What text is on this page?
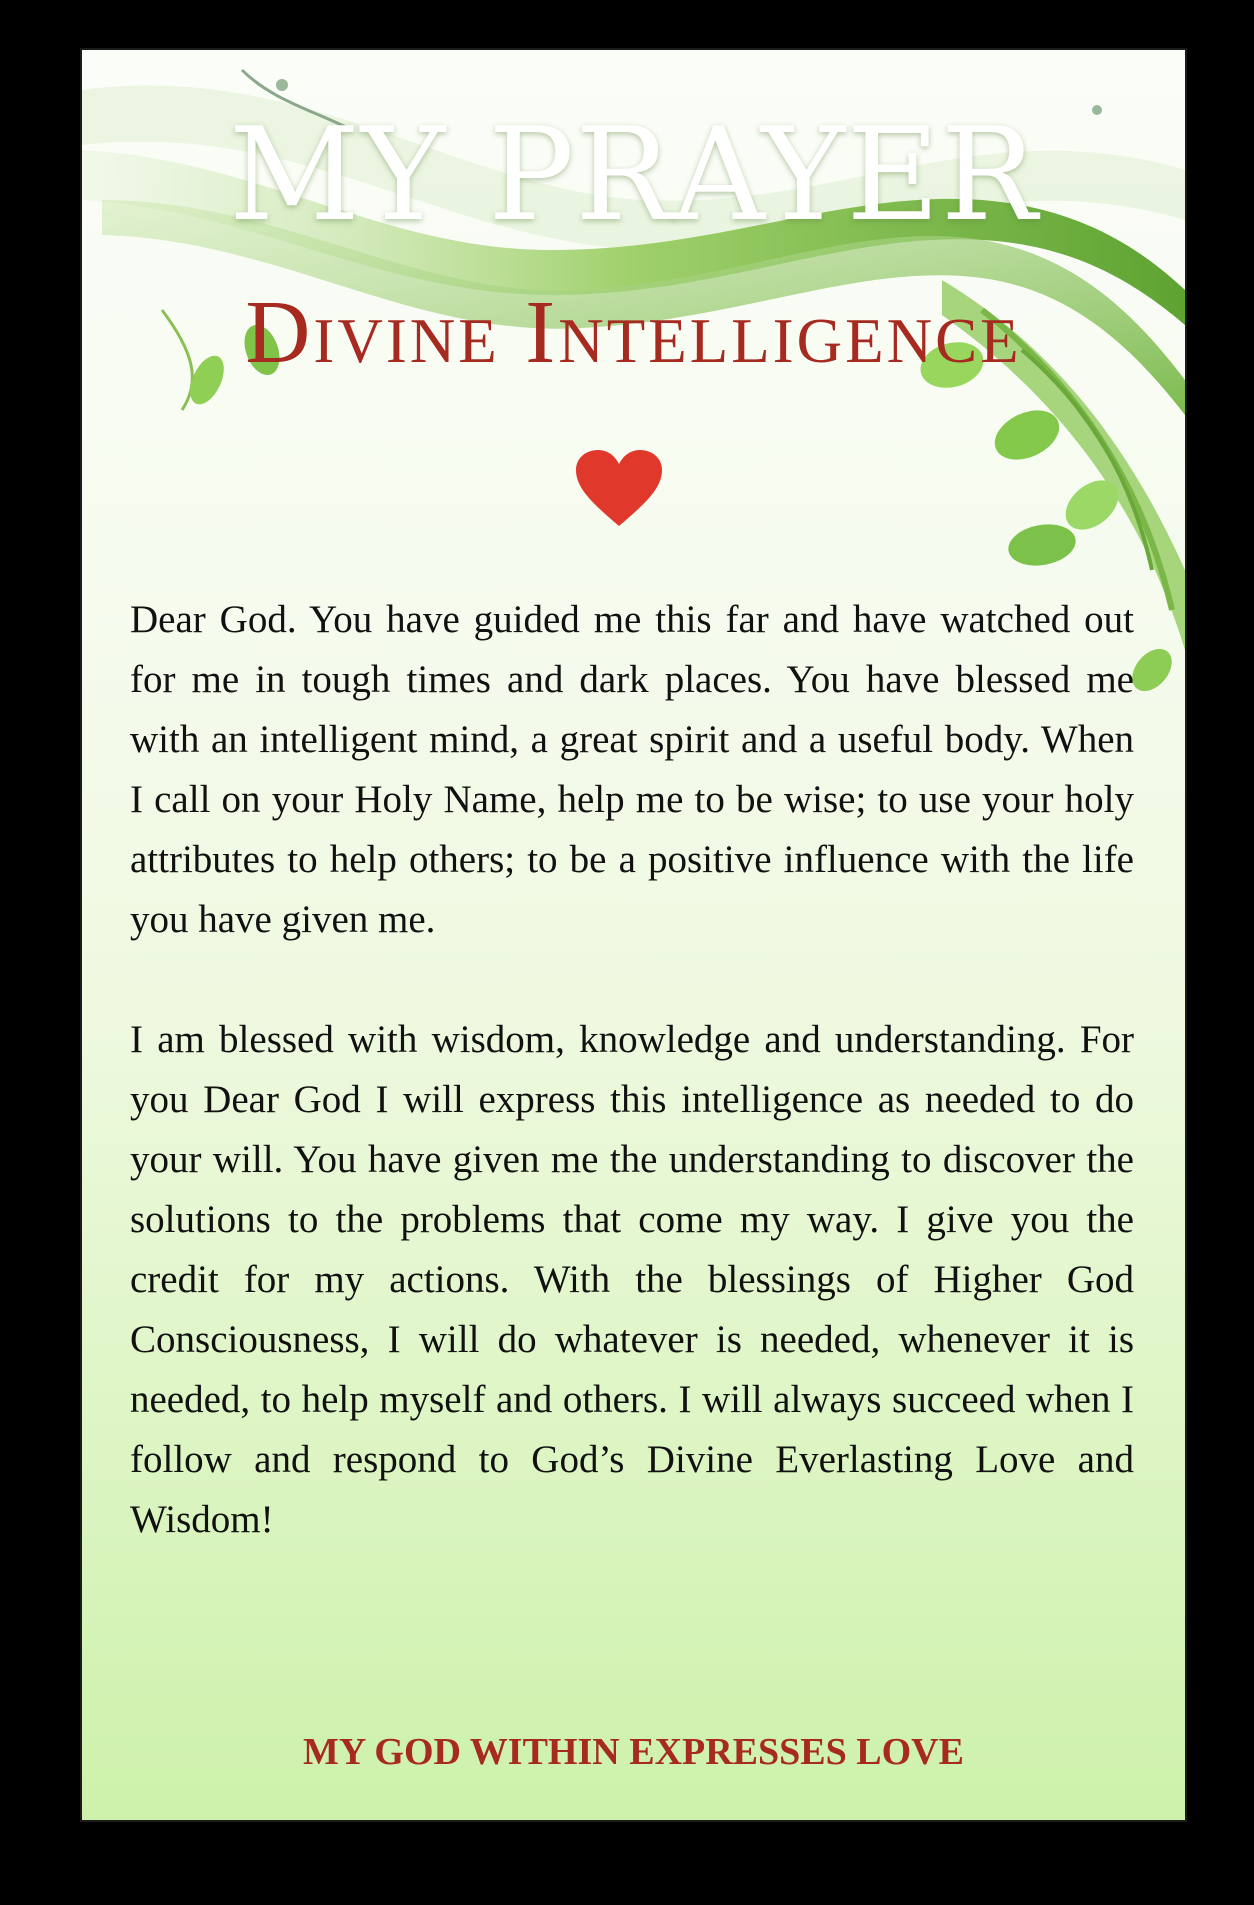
MY PRAYER
Divine Intelligence

Dear God. You have guided me this far and have watched out for me in tough times and dark places. You have blessed me with an intelligent mind, a great spirit and a useful body. When I call on your Holy Name, help me to be wise; to use your holy attributes to help others; to be a positive influence with the life you have given me.

I am blessed with wisdom, knowledge and understanding. For you Dear God I will express this intelligence as needed to do your will. You have given me the understanding to discover the solutions to the problems that come my way. I give you the credit for my actions. With the blessings of Higher God Consciousness, I will do whatever is needed, whenever it is needed, to help myself and others. I will always succeed when I follow and respond to God’s Divine Everlasting Love and Wisdom!

MY GOD WITHIN EXPRESSES LOVE
